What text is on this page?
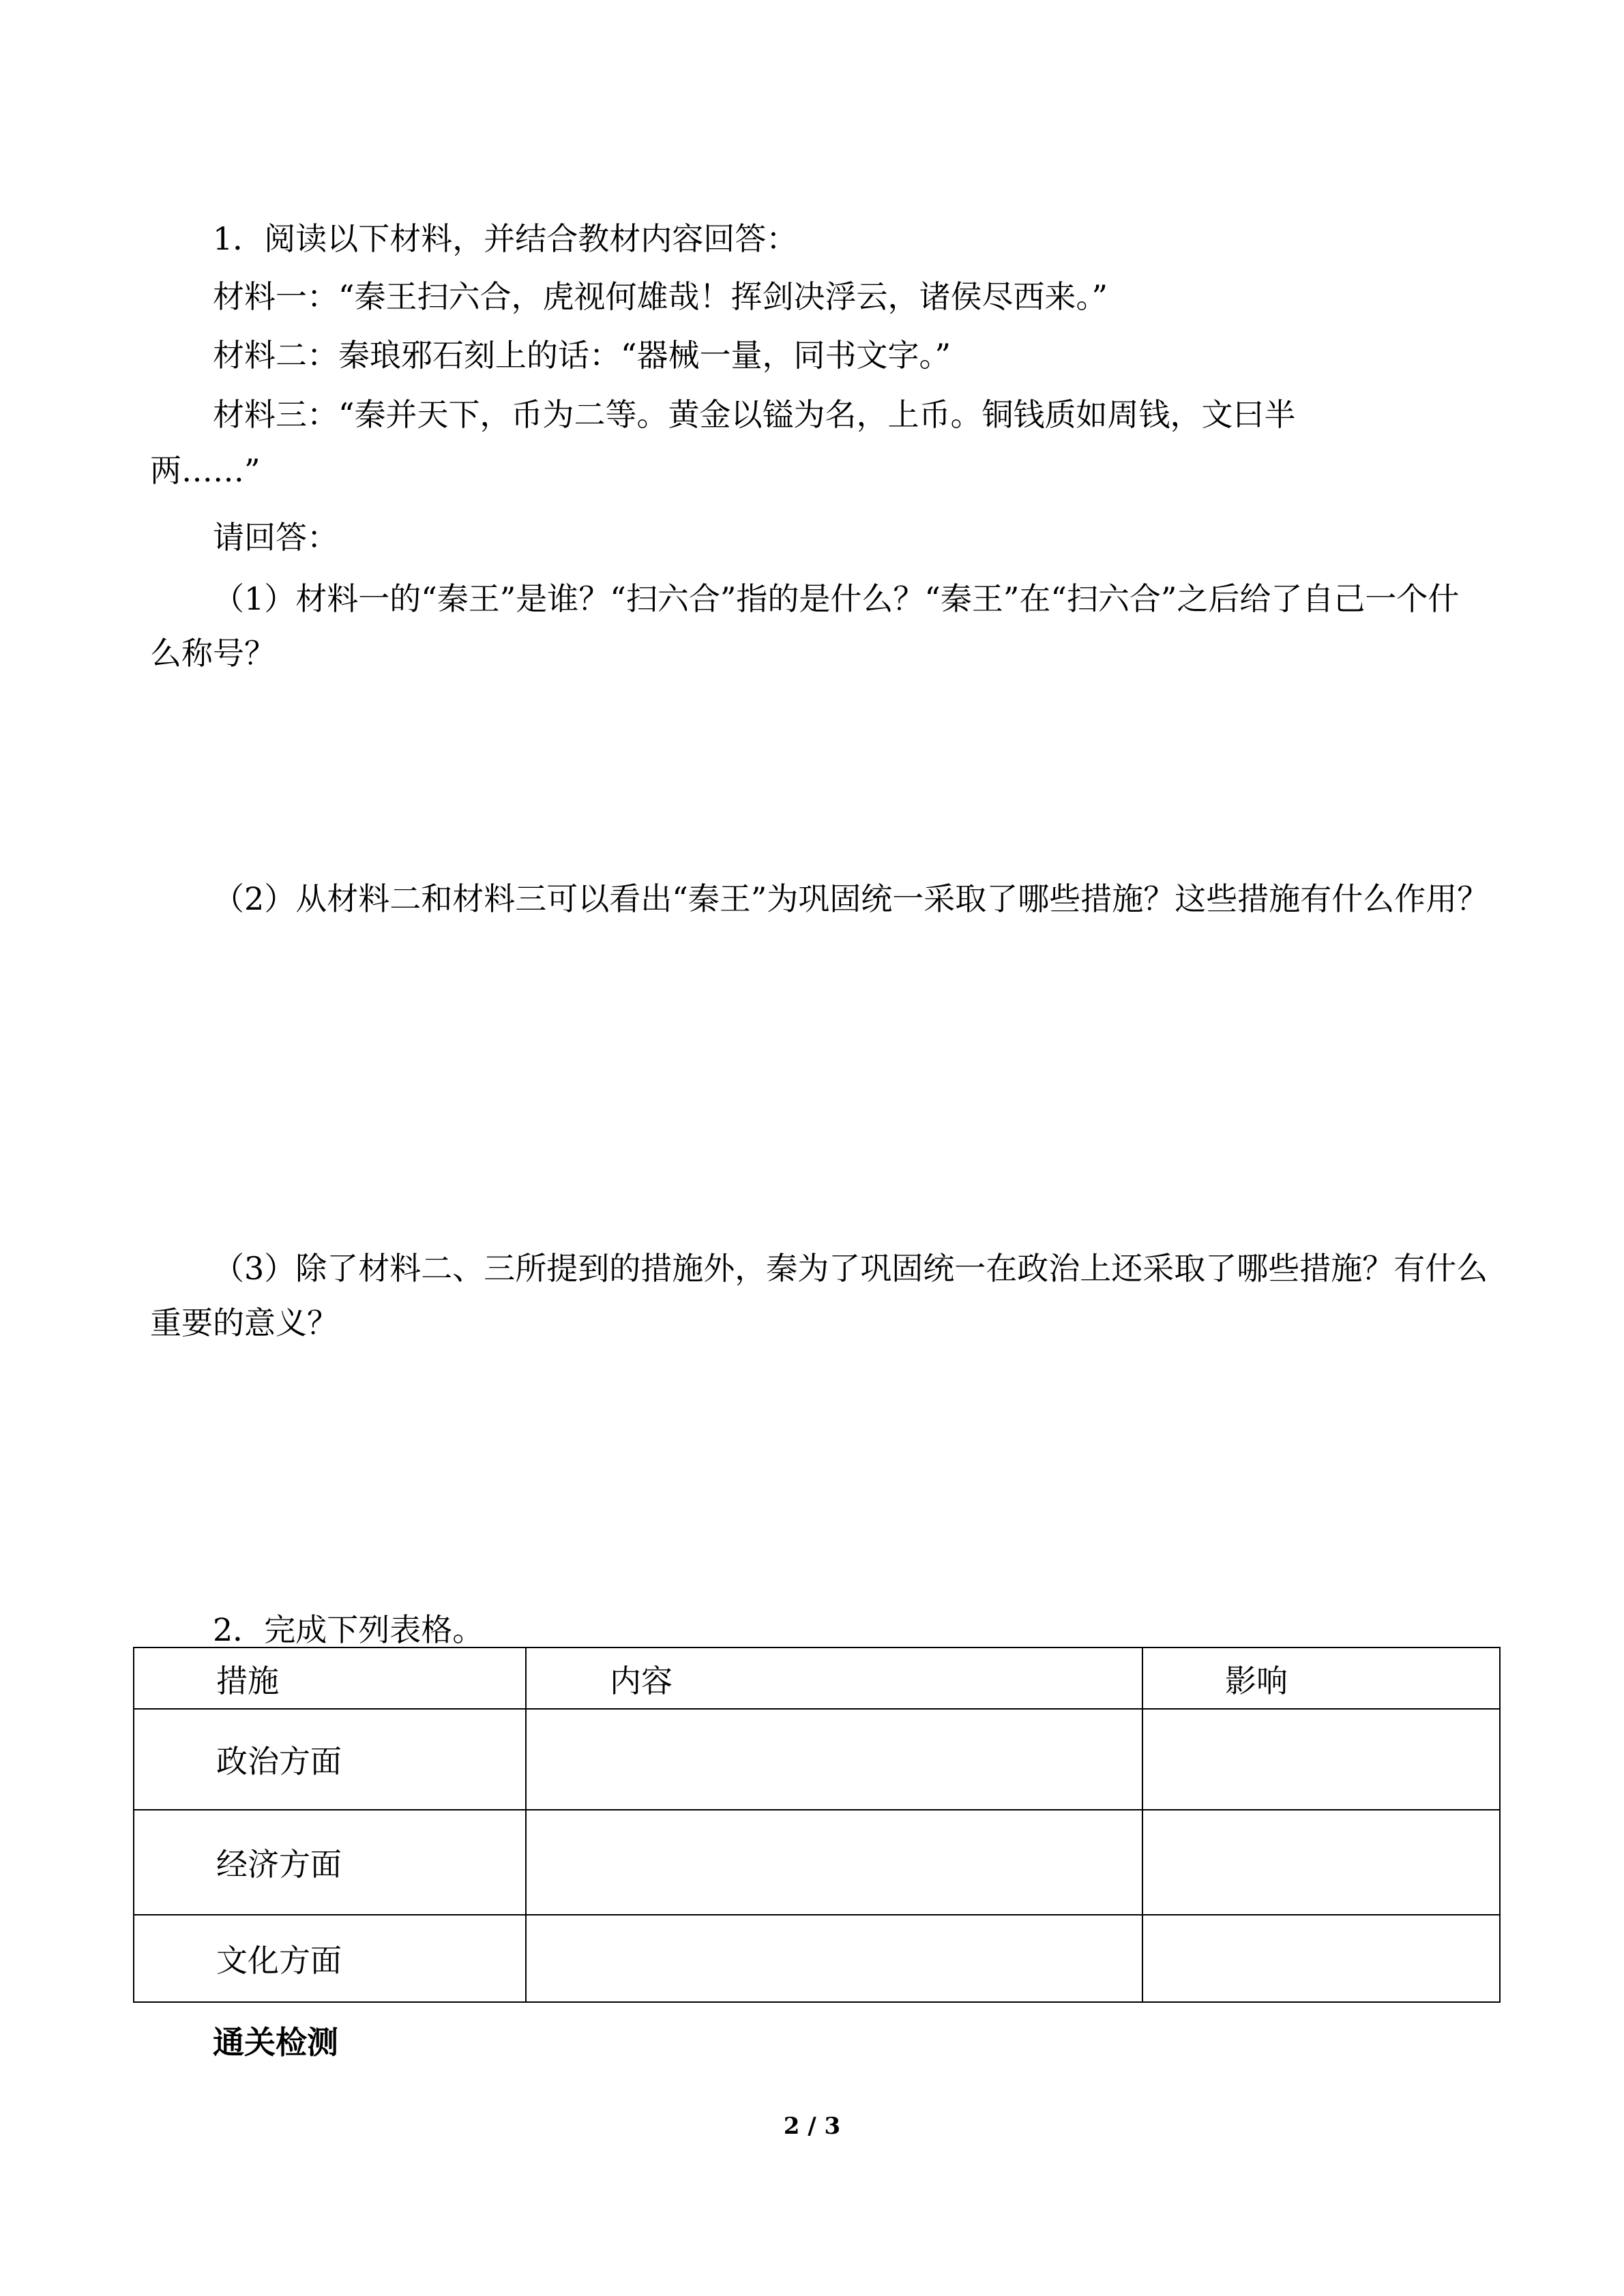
1．阅读以下材料，并结合教材内容回答：

材料一：“秦王扫六合，虎视何雄哉！挥剑决浮云，诸侯尽西来。”

材料二：秦琅邪石刻上的话：“器械一量，同书文字。”

材料三：“秦并天下，币为二等。黄金以镒为名，上币。铜钱质如周钱，文曰半

两……”

请回答：

（1）材料一的“秦王”是谁？“扫六合”指的是什么？“秦王”在“扫六合”之后给了自己一个什么称号？

（2）从材料二和材料三可以看出“秦王”为巩固统一采取了哪些措施？这些措施有什么作用？

（3）除了材料二、三所提到的措施外，秦为了巩固统一在政治上还采取了哪些措施？有什么重要的意义？

2．完成下列表格。

措施	内容	影响
政治方面		
经济方面		
文化方面		

通关检测

2 / 3
